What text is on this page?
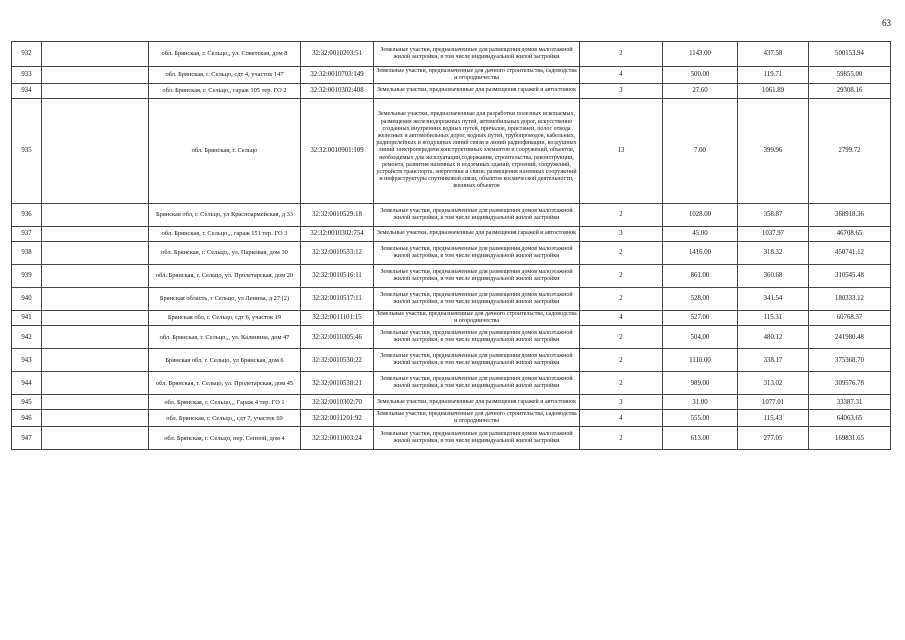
63
932		обл. Брянская, г. Сельцо,, ул. Советская, дом 8	32:32:0010203:51	Земельные участки, предназначенные для размещения домов малоэтажной жилой застройки, в том числе индивидуальной жилой застройки	2	1143.00	437.58	500153.94
933		обл. Брянская, г. Сельцо, сдт 4, участок 147	32:32:0010703:149	Земельные участки, предназначенные для дачного строительства, садоводства и огородничества	4	500.00	119.71	59855.00
934		обл. Брянская, г. Сельцо,, гараж 105 тер. ГО 2	32:32:0010302:408	Земельные участки, предназначенные для размещения гаражей и автостоянок	3	27.60	1061.89	29308.16
935		обл. Брянская, г. Сельцо	32:32:0010901:109	Земельные участки, предназначенные для разработки полезных ископаемых, размещения железнодорожных путей, автомобильных дорог, искусственно созданных внутренних водных путей, причалов, пристаней, полос отвода железных и автомобильных дорог, водных путей, трубопроводов, кабельных, радиорелейных и воздушных линий связи и линий радиофикации, воздушных линий электропередачи конструктивных элементов и сооружений, объектов, необходимых для эксплуатации,содержания, строительства, реконструкции, ремонта, развития наземных и подземных зданий, строений, сооружений, устройств транспорта, энергетики и связи; размещения наземных сооружений и инфраструктуры спутниковой связи, объектов космической деятельности, военных объектов	13	7.00	399.96	2799.72
936		Брянская обл, г. Сельцо, ул Красноармейская, д 33	32:32:0010529:18	Земельные участки, предназначенные для размещения домов малоэтажной жилой застройки, в том числе индивидуальной жилой застройки	2	1028.00	358.87	368918.36
937		обл. Брянская, г. Сельцо,,, гараж 151 тер. ГО 3	32:32:0010302:754	Земельные участки, предназначенные для размещения гаражей и автостоянок	3	45.00	1037.97	46708.65
938		обл. Брянская, г. Сельцо,, ул. Парковая, дом 30	32:32:0010533:12	Земельные участки, предназначенные для размещения домов малоэтажной жилой застройки, в том числе индивидуальной жилой застройки	2	1416.00	318.32	450741.12
939		обл. Брянская, г. Сельцо, ул. Пролетарская, дом 20	32:32:0010516:11	Земельные участки, предназначенные для размещения домов малоэтажной жилой застройки, в том числе индивидуальной жилой застройки	2	861.00	360.68	310545.48
940		Брянская область, г Сельцо, ул Ленина, д 27 (2)	32:32:0010517:11	Земельные участки, предназначенные для размещения домов малоэтажной жилой застройки, в том числе индивидуальной жилой застройки	2	528.00	341.54	180333.12
941		Брянская обл, г. Сельцо, сдт 6, участок 19	32:32:0011101:15	Земельные участки, предназначенные для дачного строительства, садоводства и огородничества	4	527.00	115.31	60768.37
942		обл. Брянская, г. Сельцо,,, ул. Калинина, дом 47	32:32:0010305:46	Земельные участки, предназначенные для размещения домов малоэтажной жилой застройки, в том числе индивидуальной жилой застройки	2	504.00	480.12	241980.48
943		Брянская обл, г. Сельцо, ул Брянская, дом 6	32:32:0010530:22	Земельные участки, предназначенные для размещения домов малоэтажной жилой застройки, в том числе индивидуальной жилой застройки	2	1110.00	338.17	375368.70
944		обл. Брянская, г. Сельцо, ул. Пролетарская, дом 45	32:32:0010538:21	Земельные участки, предназначенные для размещения домов малоэтажной жилой застройки, в том числе индивидуальной жилой застройки	2	989.00	313.02	309576.78
945		обл. Брянская, г. Сельцо,,, Гараж 4 тер. ГО 1	32:32:0010302:70	Земельные участки, предназначенные для размещения гаражей и автостоянок	3	31.00	1077.01	33387.31
946		обл. Брянская, г. Сельцо,, сдт 7, участок 69	32:32:0011201:92	Земельные участки, предназначенные для дачного строительства, садоводства и огородничества	4	555.00	115.43	64063.65
947		обл. Брянская, г. Сельцо, пер. Сенной, дом 4	32:32:0011003:24	Земельные участки, предназначенные для размещения домов малоэтажной жилой застройки, в том числе индивидуальной жилой застройки	2	613.00	277.05	169831.65
